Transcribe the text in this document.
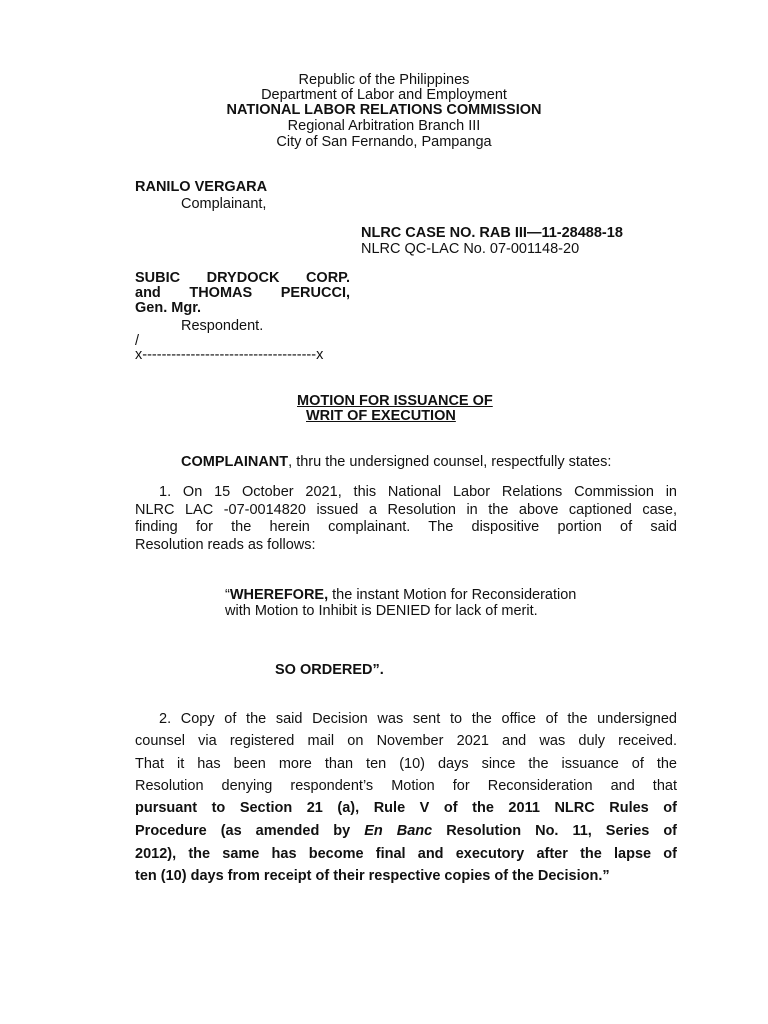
Republic of the Philippines
Department of Labor and Employment
NATIONAL LABOR RELATIONS COMMISSION
Regional Arbitration Branch III
City of San Fernando, Pampanga
RANILO VERGARA
Complainant,
NLRC CASE NO. RAB III—11-28488-18
NLRC QC-LAC No. 07-001148-20
SUBIC DRYDOCK CORP.
and THOMAS PERUCCI,
Gen. Mgr.
Respondent.
/
x------------------------------------x
MOTION FOR ISSUANCE OF
WRIT OF EXECUTION
COMPLAINANT, thru the undersigned counsel, respectfully states:
1. On 15 October 2021, this National Labor Relations Commission in
NLRC LAC -07-0014820 issued a Resolution in the above captioned case,
finding for the herein complainant. The dispositive portion of said
Resolution reads as follows:
“WHEREFORE, the instant Motion for Reconsideration
with Motion to Inhibit is DENIED for lack of merit.
SO ORDERED”.
2. Copy of the said Decision was sent to the office of the undersigned
counsel via registered mail on November 2021 and was duly received.
That it has been more than ten (10) days since the issuance of the
Resolution denying respondent’s Motion for Reconsideration and that
pursuant to Section 21 (a), Rule V of the 2011 NLRC Rules of
Procedure (as amended by En Banc Resolution No. 11, Series of
2012), the same has become final and executory after the lapse of
ten (10) days from receipt of their respective copies of the Decision.”
